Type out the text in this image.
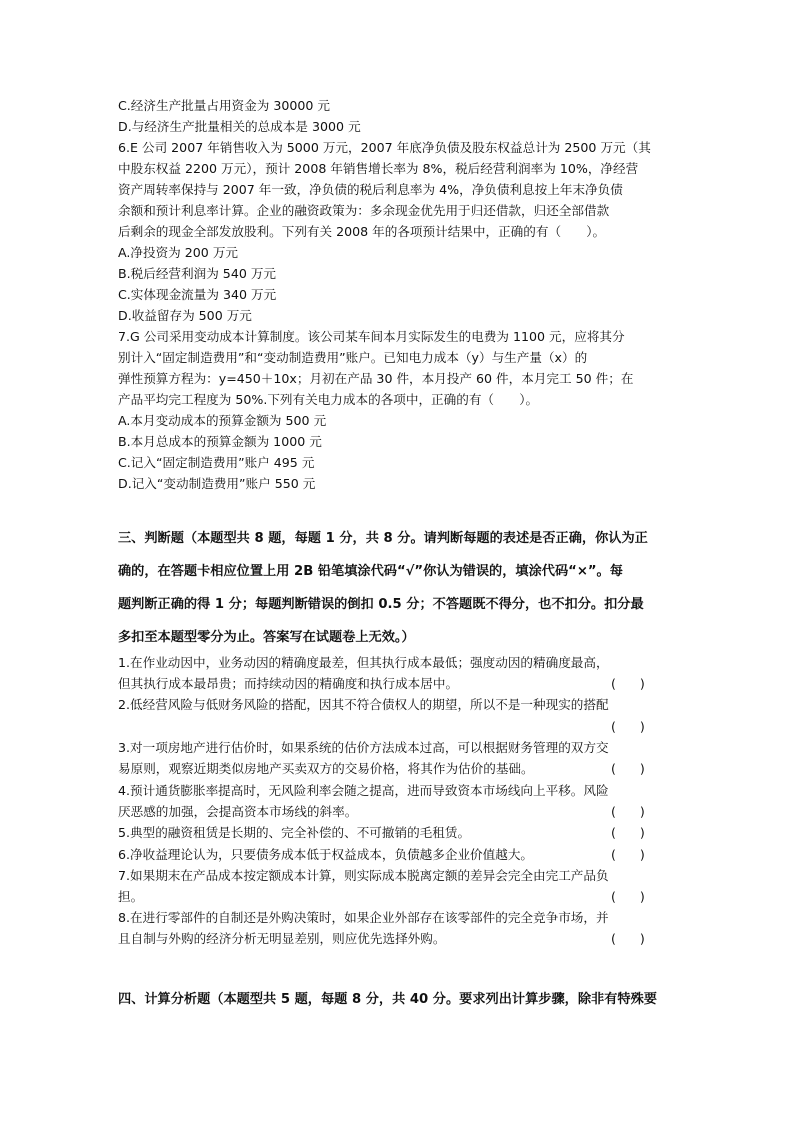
C.经济生产批量占用资金为 30000 元
D.与经济生产批量相关的总成本是 3000 元
6.E 公司 2007 年销售收入为 5000 万元，2007 年底净负债及股东权益总计为 2500 万元（其
中股东权益 2200 万元），预计 2008 年销售增长率为 8%，税后经营利润率为 10%，净经营
资产周转率保持与 2007 年一致，净负债的税后利息率为 4%，净负债利息按上年末净负债
余额和预计利息率计算。企业的融资政策为：多余现金优先用于归还借款，归还全部借款
后剩余的现金全部发放股利。下列有关 2008 年的各项预计结果中，正确的有（　　）。
A.净投资为 200 万元
B.税后经营利润为 540 万元
C.实体现金流量为 340 万元
D.收益留存为 500 万元
7.G 公司采用变动成本计算制度。该公司某车间本月实际发生的电费为 1100 元，应将其分
别计入“固定制造费用”和“变动制造费用”账户。已知电力成本（y）与生产量（x）的
弹性预算方程为：y=450＋10x；月初在产品 30 件，本月投产 60 件，本月完工 50 件；在
产品平均完工程度为 50%.下列有关电力成本的各项中，正确的有（　　）。
A.本月变动成本的预算金额为 500 元
B.本月总成本的预算金额为 1000 元
C.记入“固定制造费用”账户 495 元
D.记入“变动制造费用”账户 550 元
三、判断题（本题型共 8 题，每题 1 分，共 8 分。请判断每题的表述是否正确，你认为正
确的，在答题卡相应位置上用 2B 铅笔填涂代码“√”你认为错误的，填涂代码“×”。每
题判断正确的得 1 分；每题判断错误的倒扣 0.5 分；不答题既不得分，也不扣分。扣分最
多扣至本题型零分为止。答案写在试题卷上无效。）
1.在作业动因中，业务动因的精确度最差，但其执行成本最低；强度动因的精确度最高，
但其执行成本最昂贵；而持续动因的精确度和执行成本居中。	(      )
2.低经营风险与低财务风险的搭配，因其不符合债权人的期望，所以不是一种现实的搭配
(      )
3.对一项房地产进行估价时，如果系统的估价方法成本过高，可以根据财务管理的双方交
易原则，观察近期类似房地产买卖双方的交易价格，将其作为估价的基础。	(      )
4.预计通货膨胀率提高时，无风险利率会随之提高，进而导致资本市场线向上平移。风险
厌恶感的加强，会提高资本市场线的斜率。	(      )
5.典型的融资租赁是长期的、完全补偿的、不可撤销的毛租赁。	(      )
6.净收益理论认为，只要债务成本低于权益成本，负债越多企业价值越大。	(      )
7.如果期末在产品成本按定额成本计算，则实际成本脱离定额的差异会完全由完工产品负
担。	(      )
8.在进行零部件的自制还是外购决策时，如果企业外部存在该零部件的完全竞争市场，并
且自制与外购的经济分析无明显差别，则应优先选择外购。	(      )
四、计算分析题（本题型共 5 题，每题 8 分，共 40 分。要求列出计算步骤，除非有特殊要
